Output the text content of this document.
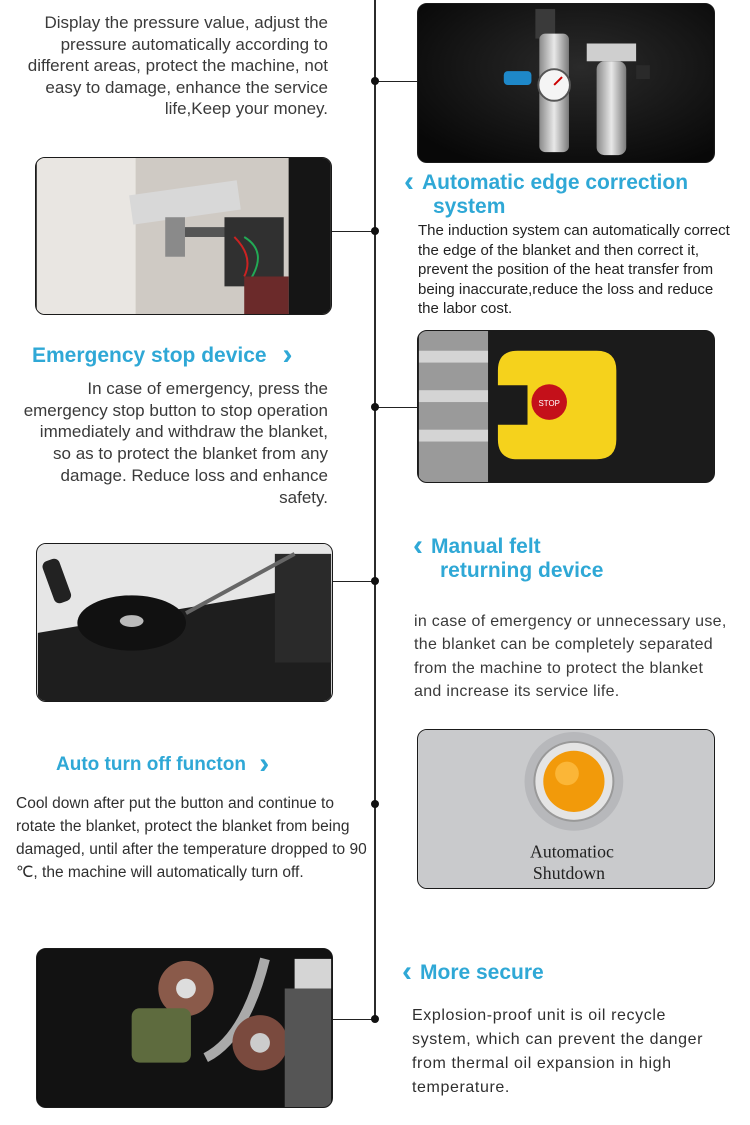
Display the pressure value, adjust the pressure automatically according to different areas, protect the machine, not easy to damage, enhance the service life,Keep your money.
‹ Automatic edge correction
system
The induction system can automatically correct the edge of the blanket and then correct it, prevent the position of the heat transfer from being inaccurate,reduce the loss and reduce the labor cost.
Emergency stop device ›
In case of emergency, press the emergency stop button to stop operation immediately and withdraw the blanket, so as to protect the blanket from any damage. Reduce loss and enhance safety.
STOP
‹ Manual felt
returning device
in case of emergency or unnecessary use, the blanket can be completely separated from the machine to protect the blanket and increase its service life.
Auto turn off functon ›
Cool down after put the button and continue to rotate the blanket, protect the blanket from being damaged, until after the temperature dropped to 90 ℃, the machine will automatically turn off.
Automatioc
Shutdown
‹ More secure
Explosion-proof unit is oil recycle system, which can prevent the danger from thermal oil expansion in high temperature.
